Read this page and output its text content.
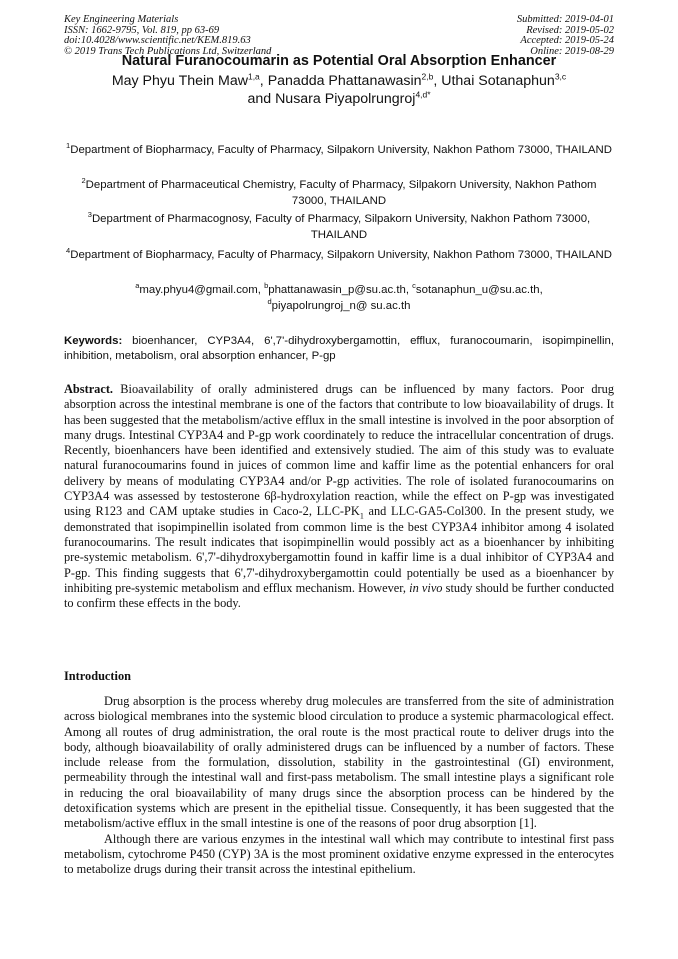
Key Engineering Materials
ISSN: 1662-9795, Vol. 819, pp 63-69
doi:10.4028/www.scientific.net/KEM.819.63
© 2019 Trans Tech Publications Ltd, Switzerland
Submitted: 2019-04-01
Revised: 2019-05-02
Accepted: 2019-05-24
Online: 2019-08-29
Natural Furanocoumarin as Potential Oral Absorption Enhancer
May Phyu Thein Maw$^{1,a}$, Panadda Phattanawasin$^{2,b}$, Uthai Sotanaphun$^{3,c}$
and Nusara Piyapolrungroj$^{4,d*}$
$^1$Department of Biopharmacy, Faculty of Pharmacy, Silpakorn University, Nakhon Pathom 73000, THAILAND
$^2$Department of Pharmaceutical Chemistry, Faculty of Pharmacy, Silpakorn University, Nakhon Pathom 73000, THAILAND
$^3$Department of Pharmacognosy, Faculty of Pharmacy, Silpakorn University, Nakhon Pathom 73000, THAILAND
$^4$Department of Biopharmacy, Faculty of Pharmacy, Silpakorn University, Nakhon Pathom 73000, THAILAND
$^a$may.phyu4@gmail.com, $^b$phattanawasin_p@su.ac.th, $^c$sotanaphun_u@su.ac.th,
$^d$piyapolrungroj_n@ su.ac.th
Keywords: bioenhancer, CYP3A4, 6',7'-dihydroxybergamottin, efflux, furanocoumarin, isopimpinellin, inhibition, metabolism, oral absorption enhancer, P-gp
Abstract. Bioavailability of orally administered drugs can be influenced by many factors. Poor drug absorption across the intestinal membrane is one of the factors that contribute to low bioavailability of drugs. It has been suggested that the metabolism/active efflux in the small intestine is involved in the poor absorption of many drugs. Intestinal CYP3A4 and P-gp work coordinately to reduce the intracellular concentration of drugs. Recently, bioenhancers have been identified and extensively studied. The aim of this study was to evaluate natural furanocoumarins found in juices of common lime and kaffir lime as the potential enhancers for oral delivery by means of modulating CYP3A4 and/or P-gp activities. The role of isolated furanocoumarins on CYP3A4 was assessed by testosterone 6β-hydroxylation reaction, while the effect on P-gp was investigated using R123 and CAM uptake studies in Caco-2, LLC-$PK_1$ and LLC-GA5-Col300. In the present study, we demonstrated that isopimpinellin isolated from common lime is the best CYP3A4 inhibitor among 4 isolated furanocoumarins. The result indicates that isopimpinellin would possibly act as a bioenhancer by inhibiting pre-systemic metabolism. 6',7'-dihydroxybergamottin found in kaffir lime is a dual inhibitor of CYP3A4 and P-gp. This finding suggests that 6',7'-dihydroxybergamottin could potentially be used as a bioenhancer by inhibiting pre-systemic metabolism and efflux mechanism. However, in vivo study should be further conducted to confirm these effects in the body.
Introduction

Drug absorption is the process whereby drug molecules are transferred from the site of administration across biological membranes into the systemic blood circulation to produce a systemic pharmacological effect. Among all routes of drug administration, the oral route is the most practical route to deliver drugs into the body, although bioavailability of orally administered drugs can be influenced by a number of factors. These include release from the formulation, dissolution, stability in the gastrointestinal (GI) environment, permeability through the intestinal wall and first-pass metabolism. The small intestine plays a significant role in reducing the oral bioavailability of many drugs since the absorption process can be hindered by the detoxification systems which are present in the epithelial tissue. Consequently, it has been suggested that the metabolism/active efflux in the small intestine is one of the reasons of poor drug absorption [1].

Although there are various enzymes in the intestinal wall which may contribute to intestinal first pass metabolism, cytochrome P450 (CYP) 3A is the most prominent oxidative enzyme expressed in the enterocytes to metabolize drugs during their transit across the intestinal epithelium.
